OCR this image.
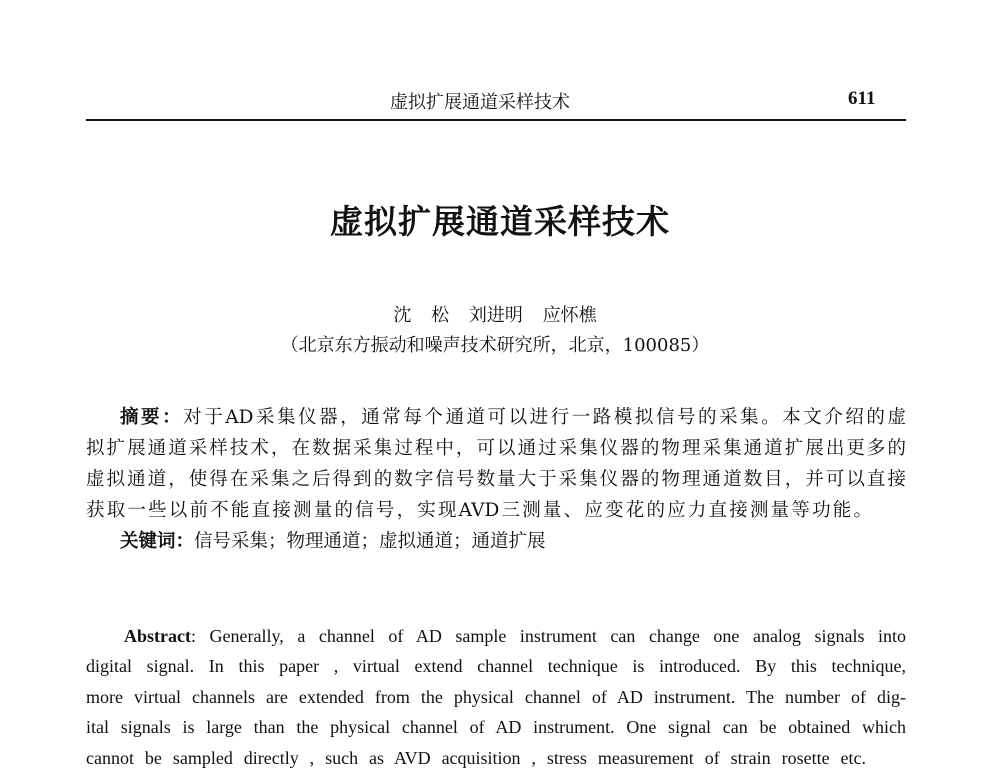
虚拟扩展通道采样技术	611
虚拟扩展通道采样技术
沈 松 刘进明 应怀樵
（北京东方振动和噪声技术研究所，北京，100085）
摘要：对于AD采集仪器，通常每个通道可以进行一路模拟信号的采集。本文介绍的虚
拟扩展通道采样技术，在数据采集过程中，可以通过采集仪器的物理采集通道扩展出更多的
虚拟通道，使得在采集之后得到的数字信号数量大于采集仪器的物理通道数目，并可以直接
获取一些以前不能直接测量的信号，实现AVD三测量、应变花的应力直接测量等功能。
关键词：信号采集；物理通道；虚拟通道；通道扩展
Abstract: Generally, a channel of AD sample instrument can change one analog signals into
digital signal. In this paper , virtual extend channel technique is introduced. By this technique,
more virtual channels are extended from the physical channel of AD instrument. The number of dig-
ital signals is large than the physical channel of AD instrument. One signal can be obtained which
cannot be sampled directly , such as AVD acquisition , stress measurement of strain rosette etc.
